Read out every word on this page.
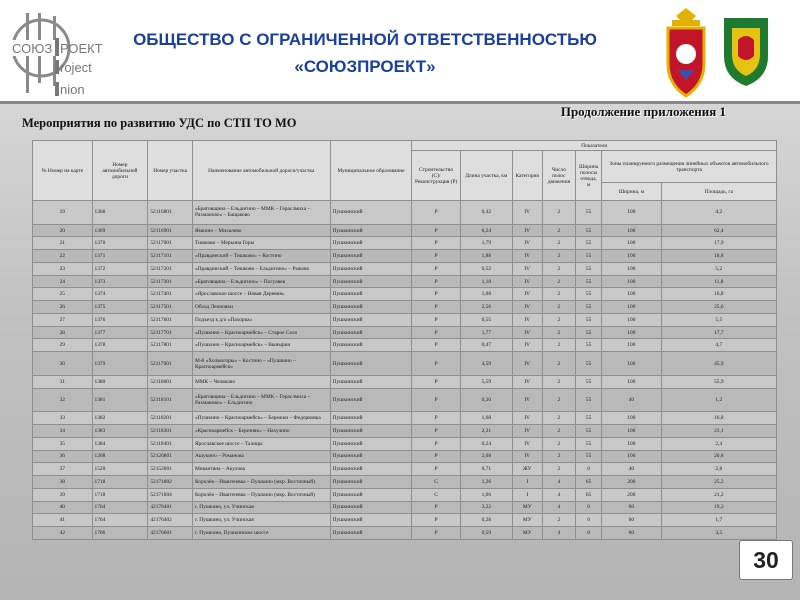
СОЮЗ РОЕКТ
roject
nion
ОБЩЕСТВО С ОГРАНИЧЕННОЙ ОТВЕТСТВЕННОСТЬЮ
«СОЮЗПРОЕКТ»
Мероприятия по развитию УДС по СТП ТО МО
Продолжение приложения 1
№ Номер на карте	Номер автомобильной дороги	Номер участка	Наименование автомобильной дороги/участка	Муниципальное образование	Показатели						
					Строительство (С)/ Реконструкция (Р)	Длина участка, км	Категория	Число полос движения	Ширина полосы отвода, м	Зоны планируемого размещения линейных объектов автомобильного транспорта	
										Ширина, м	Площадь, га
19	1368	52116801	«Братовщина – Ельдигино – ММК – Гераслмиха – Рахманово» – Бащаково	Пушкинский	Р	0,42	IV	2	55	100	4,2
20	1369	52116901	Ямкино – Михалево	Пушкинский	Р	6,24	IV	2	55	100	62,4
21	1370	52117001	Тишково – Мерьина Горы	Пушкинский	Р	1,79	IV	2	55	100	17,9
22	1371	52117101	«Правдинский – Тишково» – Костино	Пушкинский	Р	1,88	IV	2	55	100	18,8
23	1372	52117201	«Правдинский – Тишково – Ельдигино» – Рыково	Пушкинский	Р	0,52	IV	2	55	100	5,2
24	1373	52117301	«Братовщина – Ельдигино» – Погуляев	Пушкинский	Р	1,18	IV	2	55	100	11,8
25	1374	52117401	«Ярославское шоссе – Новая Деревня»	Пушкинский	Р	1,08	IV	2	55	100	10,8
26	1375	52117501	Обход Леоновки	Пушкинский	Р	2,56	IV	2	55	100	25,6
27	1376	52117601	Подъезд к д/о «Пахорка»	Пушкинский	Р	0,55	IV	2	55	100	5,5
28	1377	52117701	«Пушкино – Красноармейск» – Старое Село	Пушкинский	Р	1,77	IV	2	55	100	17,7
29	1378	52117801	«Пушкино – Красноармейск» – Вынырки	Пушкинский	Р	0,47	IV	2	55	100	4,7
30	1379	52117901	М-8 «Холмогоры» – Костино – «Пушкино – Красноармейск»	Пушкинский	Р	4,59	IV	2	55	100	45,9
31	1380	52118001	ММК – Чепяково	Пушкинский	Р	5,59	IV	2	55	100	55,9
32	1381	52118101	«Братовщина – Ельдигино – ММК – Гераслмиха – Рахманово» – Ельдигино	Пушкинский	Р	0,30	IV	2	55	40	1,2
33	1382	52118201	«Пушкино – Красноармейск» – Бережки – Федорковка	Пушкинский	Р	1,68	IV	2	55	100	16,8
34	1383	52118301	«Красноармейск – Березняк» – Нахулино	Пушкинский	Р	2,31	IV	2	55	100	23,1
35	1384	52118401	Ярославское шоссе – Талицы	Пушкинский	Р	0,24	IV	2	55	100	2,4
36	1268	52126801	Ашукино – Романова	Пушкинский	Р	2,08	IV	2	55	100	20,8
37	1520	52152001	Микантяна – Акулова	Пушкинский	Р	0,71	ЖУ	2	0	40	2,8
38	1718	52171802	Королёв – Ивантеевка – Пушкино (мкр. Восточный)	Пушкинский	С	1,26	I	4	65	200	25,2
39	1718	52171804	Королёв – Ивантеевка – Пушкино (мкр. Восточный)	Пушкинский	С	1,06	I	4	65	200	21,2
40	1764	42176401	г. Пушкино, ул. Учинская	Пушкинский	Р	3,22	МУ	4	0	60	19,3
41	1764	42176402	г. Пушкино, ул. Учинская	Пушкинский	Р	0,28	МУ	2	0	60	1,7
42	1766	42176601	г. Пушкино, Пушкинское шоссе	Пушкинский	Р	0,59	МУ	4	0	60	3,5
30
